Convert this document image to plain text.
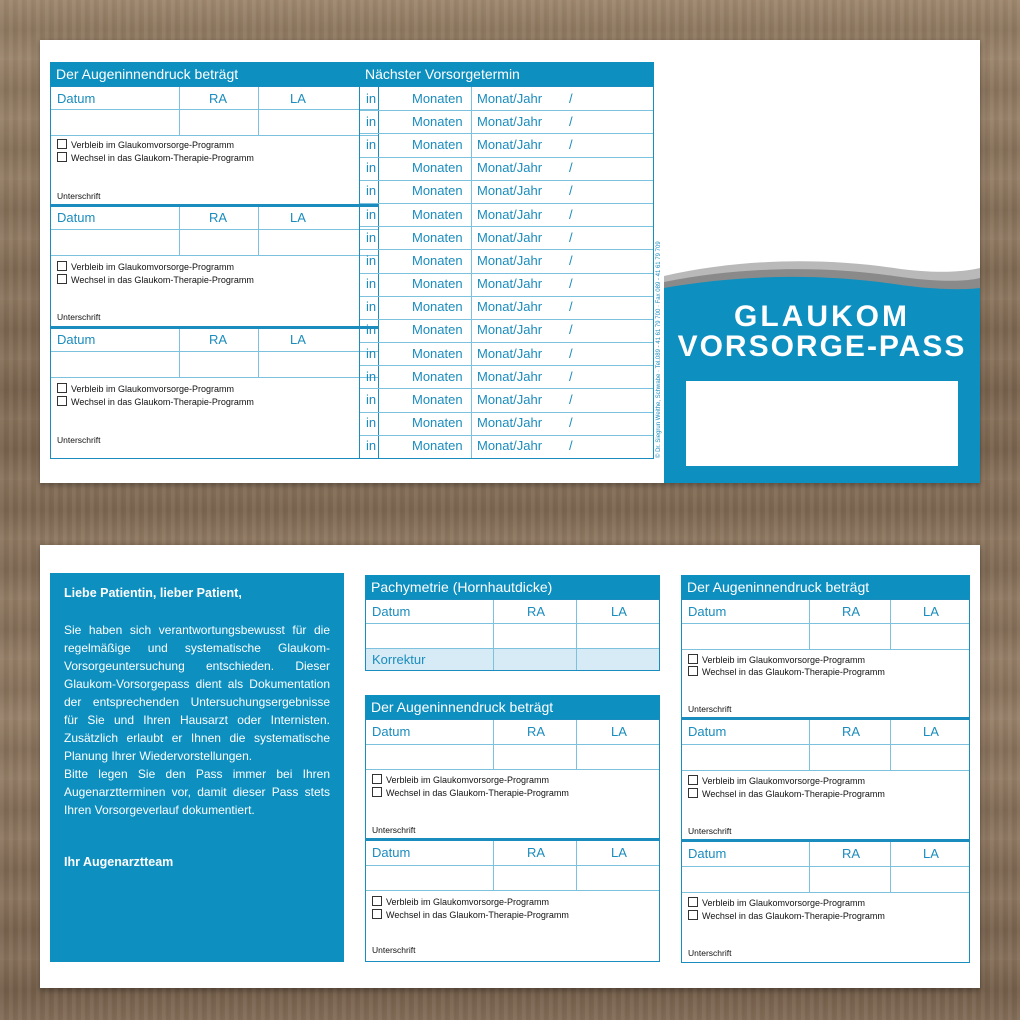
Der Augeninnendruck beträgt
Datum	RA	LA
Verbleib im Glaukomvorsorge-Programm
Wechsel in das Glaukom-Therapie-Programm
Unterschrift
Datum	RA	LA
Verbleib im Glaukomvorsorge-Programm
Wechsel in das Glaukom-Therapie-Programm
Unterschrift
Datum	RA	LA
Verbleib im Glaukomvorsorge-Programm
Wechsel in das Glaukom-Therapie-Programm
Unterschrift
Nächster Vorsorgetermin
in	Monaten Monat/Jahr /
in	Monaten Monat/Jahr /
in	Monaten Monat/Jahr /
in	Monaten Monat/Jahr /
in	Monaten Monat/Jahr /
in	Monaten Monat/Jahr /
in	Monaten Monat/Jahr /
in	Monaten Monat/Jahr /
in	Monaten Monat/Jahr /
in	Monaten Monat/Jahr /
in	Monaten Monat/Jahr /
in	Monaten Monat/Jahr /
in	Monaten Monat/Jahr /
in	Monaten Monat/Jahr /
in	Monaten Monat/Jahr /
in	Monaten Monat/Jahr /	© Dr. Siegrun Weithe, Schwabe · Tel.089 - 41 61 79 700 · Fax 089 - 41 61 79 709	GLAUKOM
VORSORGE-PASS
Liebe Patientin, lieber Patient,
Sie haben sich verantwortungsbewusst für die regelmäßige und systematische Glaukom-Vorsorgeuntersuchung entschieden. Dieser Glaukom-Vorsorgepass dient als Dokumentation der entsprechenden Untersuchungsergebnisse für Sie und Ihren Hausarzt oder Internisten. Zusätzlich erlaubt er Ihnen die systematische Planung Ihrer Wiedervorstellungen.
Bitte legen Sie den Pass immer bei Ihren Augenarztterminen vor, damit dieser Pass stets Ihren Vorsorgeverlauf dokumentiert.
Ihr Augenarztteam
Pachymetrie (Hornhautdicke)
Datum	RA	LA
Korrektur
Der Augeninnendruck beträgt
Datum	RA	LA
Verbleib im Glaukomvorsorge-Programm
Wechsel in das Glaukom-Therapie-Programm
Unterschrift
Datum	RA	LA
Verbleib im Glaukomvorsorge-Programm
Wechsel in das Glaukom-Therapie-Programm
Unterschrift
Der Augeninnendruck beträgt
Datum	RA	LA
Verbleib im Glaukomvorsorge-Programm
Wechsel in das Glaukom-Therapie-Programm
Unterschrift
Datum	RA	LA
Verbleib im Glaukomvorsorge-Programm
Wechsel in das Glaukom-Therapie-Programm
Unterschrift
Datum	RA	LA
Verbleib im Glaukomvorsorge-Programm
Wechsel in das Glaukom-Therapie-Programm
Unterschrift
